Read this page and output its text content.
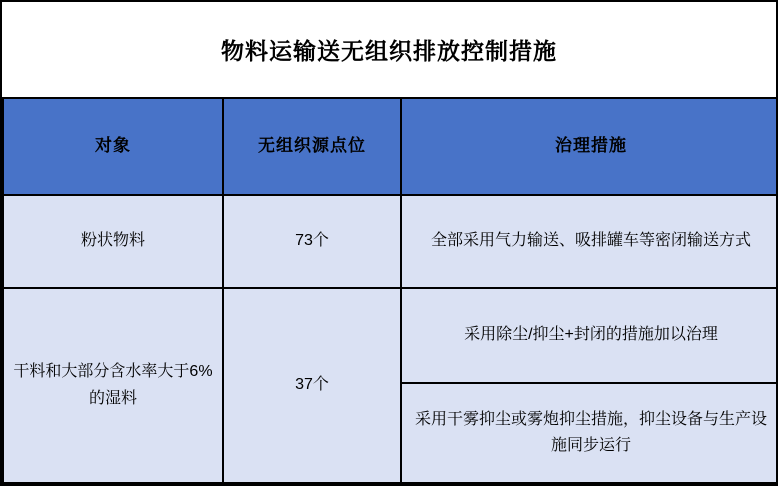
物料运输送无组织排放控制措施
对象	无组织源点位	治理措施
粉状物料	73个	全部采用气力输送、吸排罐车等密闭输送方式
干料和大部分含水率大于6%的湿料	37个	采用除尘/抑尘+封闭的措施加以治理
		采用干雾抑尘或雾炮抑尘措施，抑尘设备与生产设施同步运行
